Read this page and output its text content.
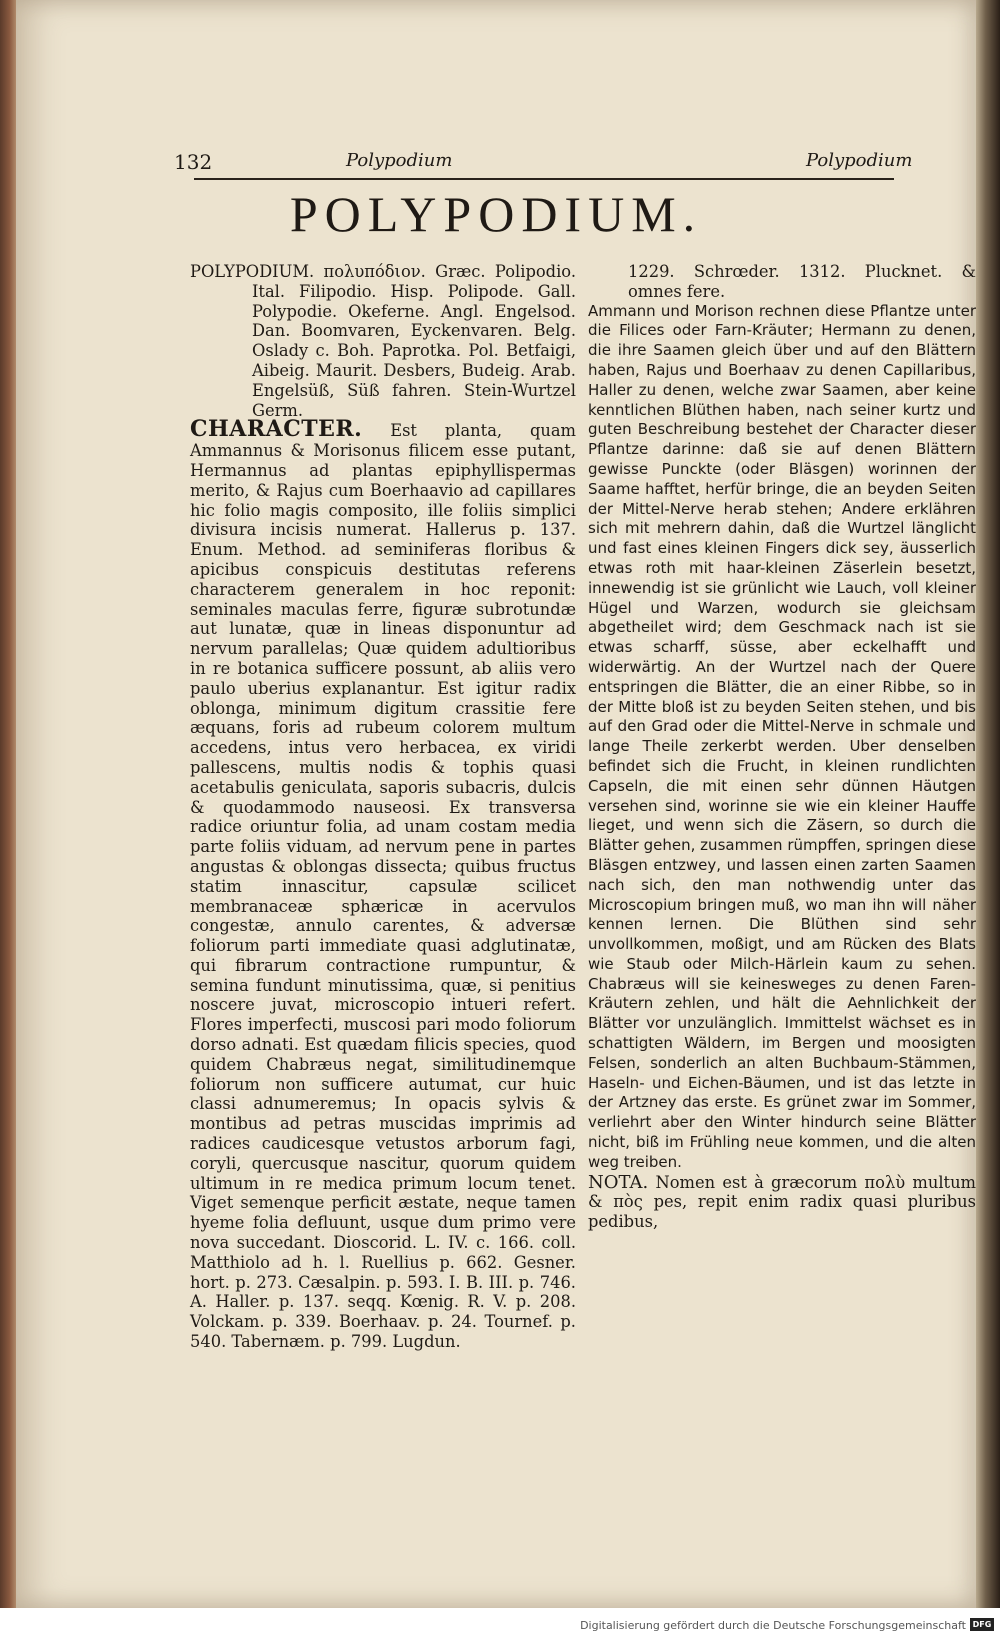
132	Polypodium	Polypodium
POLYPODIUM.

POLYPODIUM. πολυπόδιον. Græc. Polipodio. Ital. Filipodio. Hisp. Polipode. Gall. Polypodie. Okeferne. Angl. Engelsod. Dan. Boomvaren, Eyckenvaren. Belg. Oslady c. Boh. Paprotka. Pol. Betfaigi, Aibeig. Maurit. Desbers, Budeig. Arab. Engelsüß, Süß fahren. Stein-Wurtzel Germ.

CHARACTER. Est planta, quam Ammannus & Morisonus filicem esse putant, Hermannus ad plantas epiphyllispermas merito, & Rajus cum Boerhaavio ad capillares hic folio magis composito, ille foliis simplici divisura incisis numerat. Hallerus p. 137. Enum. Method. ad seminiferas floribus & apicibus conspicuis destitutas referens characterem generalem in hoc reponit: seminales maculas ferre, figuræ subrotundæ aut lunatæ, quæ in lineas disponuntur ad nervum parallelas; Quæ quidem adultioribus in re botanica sufficere possunt, ab aliis vero paulo uberius explanantur. Est igitur radix oblonga, minimum digitum crassitie fere æquans, foris ad rubeum colorem multum accedens, intus vero herbacea, ex viridi pallescens, multis nodis & tophis quasi acetabulis geniculata, saporis subacris, dulcis & quodammodo nauseosi. Ex transversa radice oriuntur folia, ad unam costam media parte foliis viduam, ad nervum pene in partes angustas & oblongas dissecta; quibus fructus statim innascitur, capsulæ scilicet membranaceæ sphæricæ in acervulos congestæ, annulo carentes, & adversæ foliorum parti immediate quasi adglutinatæ, qui fibrarum contractione rumpuntur, & semina fundunt minutissima, quæ, si penitius noscere juvat, microscopio intueri refert. Flores imperfecti, muscosi pari modo foliorum dorso adnati. Est quædam filicis species, quod quidem Chabræus negat, similitudinemque foliorum non sufficere autumat, cur huic classi adnumeremus; In opacis sylvis & montibus ad petras muscidas imprimis ad radices caudicesque vetustos arborum fagi, coryli, quercusque nascitur, quorum quidem ultimum in re medica primum locum tenet. Viget semenque perficit æstate, neque tamen hyeme folia defluunt, usque dum primo vere nova succedant. Dioscorid. L. IV. c. 166. coll. Matthiolo ad h. l. Ruellius p. 662. Gesner. hort. p. 273. Cæsalpin. p. 593. I. B. III. p. 746. A. Haller. p. 137. seqq. Kœnig. R. V. p. 208. Volckam. p. 339. Boerhaav. p. 24. Tournef. p. 540. Tabernæm. p. 799. Lugdun.

1229. Schrœder. 1312. Plucknet. & omnes fere.

Ammann und Morison rechnen diese Pflantze unter die Filices oder Farn-Kräuter; Hermann zu denen, die ihre Saamen gleich über und auf den Blättern haben, Rajus und Boerhaav zu denen Capillaribus, Haller zu denen, welche zwar Saamen, aber keine kenntlichen Blüthen haben, nach seiner kurtz und guten Beschreibung bestehet der Character dieser Pflantze darinne: daß sie auf denen Blättern gewisse Punckte (oder Bläsgen) worinnen der Saame hafftet, herfür bringe, die an beyden Seiten der Mittel-Nerve herab stehen; Andere erklähren sich mit mehrern dahin, daß die Wurtzel länglicht und fast eines kleinen Fingers dick sey, äusserlich etwas roth mit haar-kleinen Zäserlein besetzt, innewendig ist sie grünlicht wie Lauch, voll kleiner Hügel und Warzen, wodurch sie gleichsam abgetheilet wird; dem Geschmack nach ist sie etwas scharff, süsse, aber eckelhafft und widerwärtig. An der Wurtzel nach der Quere entspringen die Blätter, die an einer Ribbe, so in der Mitte bloß ist zu beyden Seiten stehen, und bis auf den Grad oder die Mittel-Nerve in schmale und lange Theile zerkerbt werden. Uber denselben befindet sich die Frucht, in kleinen rundlichten Capseln, die mit einen sehr dünnen Häutgen versehen sind, worinne sie wie ein kleiner Hauffe lieget, und wenn sich die Zäsern, so durch die Blätter gehen, zusammen rümpffen, springen diese Bläsgen entzwey, und lassen einen zarten Saamen nach sich, den man nothwendig unter das Microscopium bringen muß, wo man ihn will näher kennen lernen. Die Blüthen sind sehr unvollkommen, moßigt, und am Rücken des Blats wie Staub oder Milch-Härlein kaum zu sehen. Chabræus will sie keinesweges zu denen Faren-Kräutern zehlen, und hält die Aehnlichkeit der Blätter vor unzulänglich. Immittelst wächset es in schattigten Wäldern, im Bergen und moosigten Felsen, sonderlich an alten Buchbaum-Stämmen, Haseln- und Eichen-Bäumen, und ist das letzte in der Artzney das erste. Es grünet zwar im Sommer, verliehrt aber den Winter hindurch seine Blätter nicht, biß im Frühling neue kommen, und die alten weg treiben.

NOTA. Nomen est à græcorum πολὺ multum & πὸς pes, repit enim radix quasi pluribus pedibus,

Digitalisierung gefördert durch die Deutsche Forschungsgemeinschaft DFG
